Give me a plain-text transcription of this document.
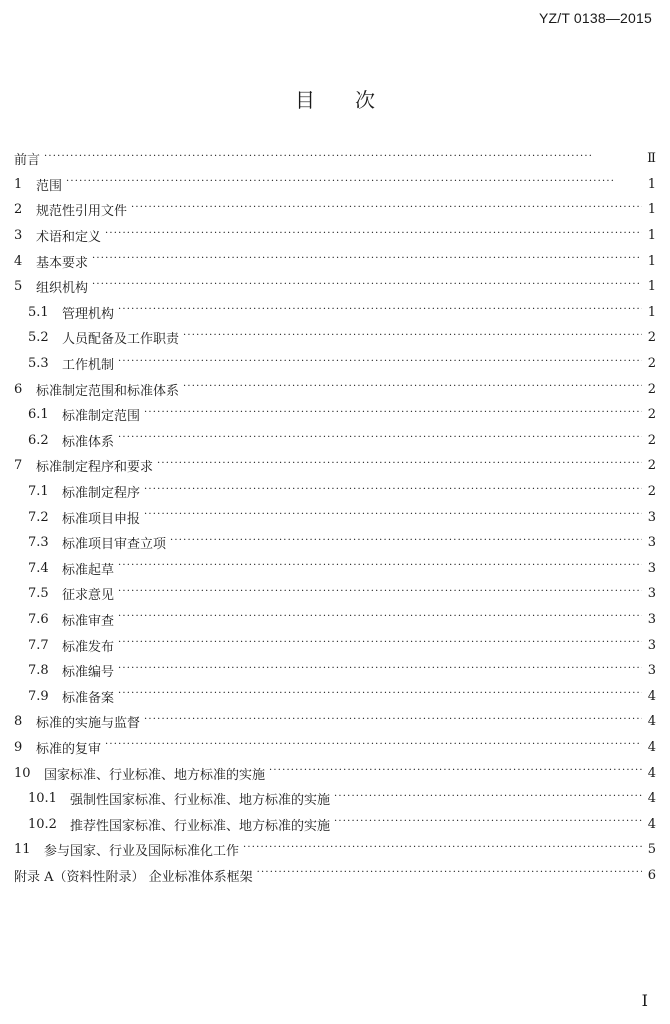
YZ/T 0138—2015
目次
前言 · · ·	Ⅱ
1 范围 · · ·	1
2 规范性引用文件 · · ·	1
3 术语和定义 · · ·	1
4 基本要求 · · ·	1
5 组织机构 · · ·	1
5.1 管理机构 · · ·	1
5.2 人员配备及工作职责 · · ·	2
5.3 工作机制 · · ·	2
6 标准制定范围和标准体系 · · ·	2
6.1 标准制定范围 · · ·	2
6.2 标准体系 · · ·	2
7 标准制定程序和要求 · · ·	2
7.1 标准制定程序 · · ·	2
7.2 标准项目申报 · · ·	3
7.3 标准项目审查立项 · · ·	3
7.4 标准起草 · · ·	3
7.5 征求意见 · · ·	3
7.6 标准审查 · · ·	3
7.7 标准发布 · · ·	3
7.8 标准编号 · · ·	3
7.9 标准备案 · · ·	4
8 标准的实施与监督 · · ·	4
9 标准的复审 · · ·	4
10 国家标准、行业标准、地方标准的实施 · · ·	4
10.1 强制性国家标准、行业标准、地方标准的实施 · · ·	4
10.2 推荐性国家标准、行业标准、地方标准的实施 · · ·	4
11 参与国家、行业及国际标准化工作 · · ·	5
附录 A（资料性附录） 企业标准体系框架 · · ·	6
Ⅰ
